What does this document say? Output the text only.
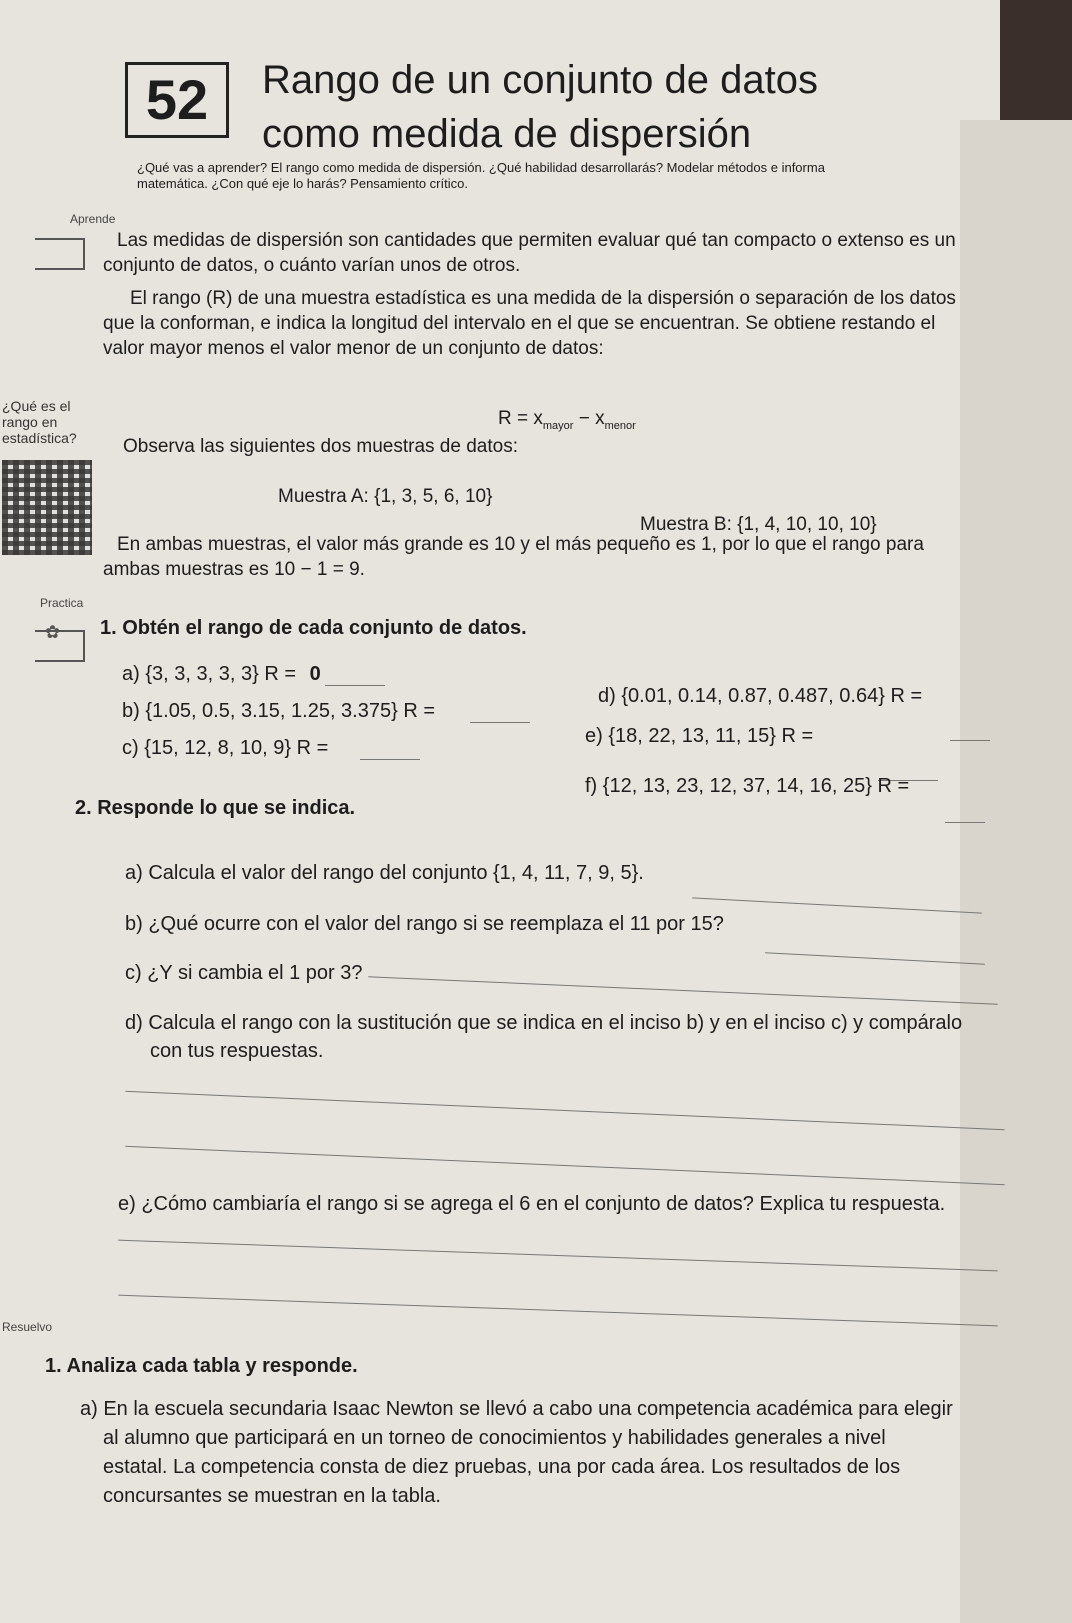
52	Rango de un conjunto de datos
como medida de dispersión
¿Qué vas a aprender? El rango como medida de dispersión. ¿Qué habilidad desarrollarás? Modelar métodos e informa
matemática. ¿Con qué eje lo harás? Pensamiento crítico.
Aprende
Las medidas de dispersión son cantidades que permiten evaluar qué tan compacto o extenso es un
conjunto de datos, o cuánto varían unos de otros.
El rango (R) de una muestra estadística es una medida de la dispersión o separación de los datos
que la conforman, e indica la longitud del intervalo en el que se encuentran. Se obtiene restando el
valor mayor menos el valor menor de un conjunto de datos:
$R = x_{mayor} - x_{menor}$
¿Qué es el
rango en
estadística? Observa las siguientes dos muestras de datos:
Muestra A: {1, 3, 5, 6, 10}
Muestra B: {1, 4, 10, 10, 10}
En ambas muestras, el valor más grande es 10 y el más pequeño es 1, por lo que el rango para
ambas muestras es 10 − 1 = 9.
Practica
✿ 1. Obtén el rango de cada conjunto de datos.
a) {3, 3, 3, 3, 3} R = 0
b) {1.05, 0.5, 3.15, 1.25, 3.375} R =
c) {15, 12, 8, 10, 9} R =
d) {0.01, 0.14, 0.87, 0.487, 0.64} R =
e) {18, 22, 13, 11, 15} R =
f) {12, 13, 23, 12, 37, 14, 16, 25} R =
2. Responde lo que se indica.
a) Calcula el valor del rango del conjunto {1, 4, 11, 7, 9, 5}.
b) ¿Qué ocurre con el valor del rango si se reemplaza el 11 por 15?
c) ¿Y si cambia el 1 por 3?
d) Calcula el rango con la sustitución que se indica en el inciso b) y en el inciso c) y compáralo
con tus respuestas.
e) ¿Cómo cambiaría el rango si se agrega el 6 en el conjunto de datos? Explica tu respuesta.
Resuelvo
1. Analiza cada tabla y responde.
a) En la escuela secundaria Isaac Newton se llevó a cabo una competencia académica para elegir
al alumno que participará en un torneo de conocimientos y habilidades generales a nivel
estatal. La competencia consta de diez pruebas, una por cada área. Los resultados de los
concursantes se muestran en la tabla.
